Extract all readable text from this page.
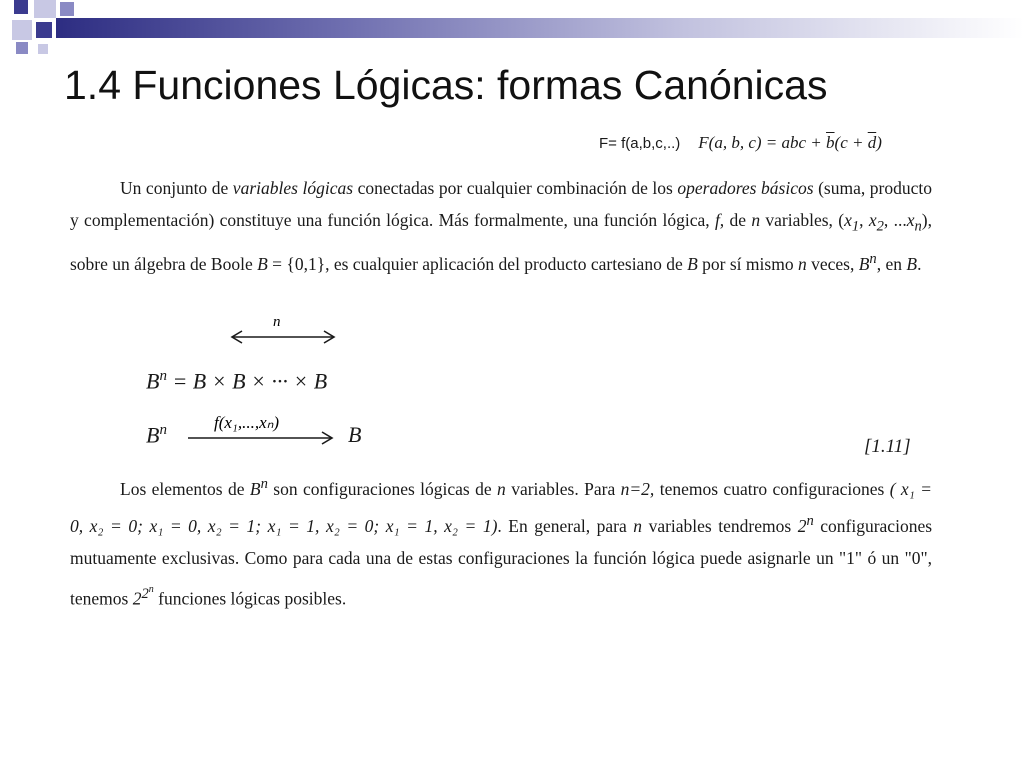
1.4 Funciones Lógicas: formas Canónicas
F= f(a,b,c,..) F(a, b, c) = abc + $\overline{b}(c + \overline{d})$
Un conjunto de variables lógicas conectadas por cualquier combinación de los operadores básicos (suma, producto y complementación) constituye una función lógica. Más formalmente, una función lógica, f, de n variables, ($x_1$, $x_2$, $...x_n$), sobre un álgebra de Boole B = {0,1}, es cualquier aplicación del producto cartesiano de B por sí mismo n veces, $B^n$, en B.
n
$B^n = B \times B$ × ··· × B
$B^n$	f(x₁,...,xₙ)	B	[1.11]
Los elementos de $B^n$ son configuraciones lógicas de n variables. Para n=2, tenemos cuatro configuraciones ( x₁ = 0, x₂ = 0; x₁ = 0, x₂ = 1; x₁ = 1, x₂ = 0; x₁ = 1, x₂ = 1). En general, para n variables tendremos 2$^n$ configuraciones mutuamente exclusivas. Como para cada una de estas configuraciones la función lógica puede asignarle un "1" ó un "0", tenemos $2^{2^n}$ funciones lógicas posibles.
